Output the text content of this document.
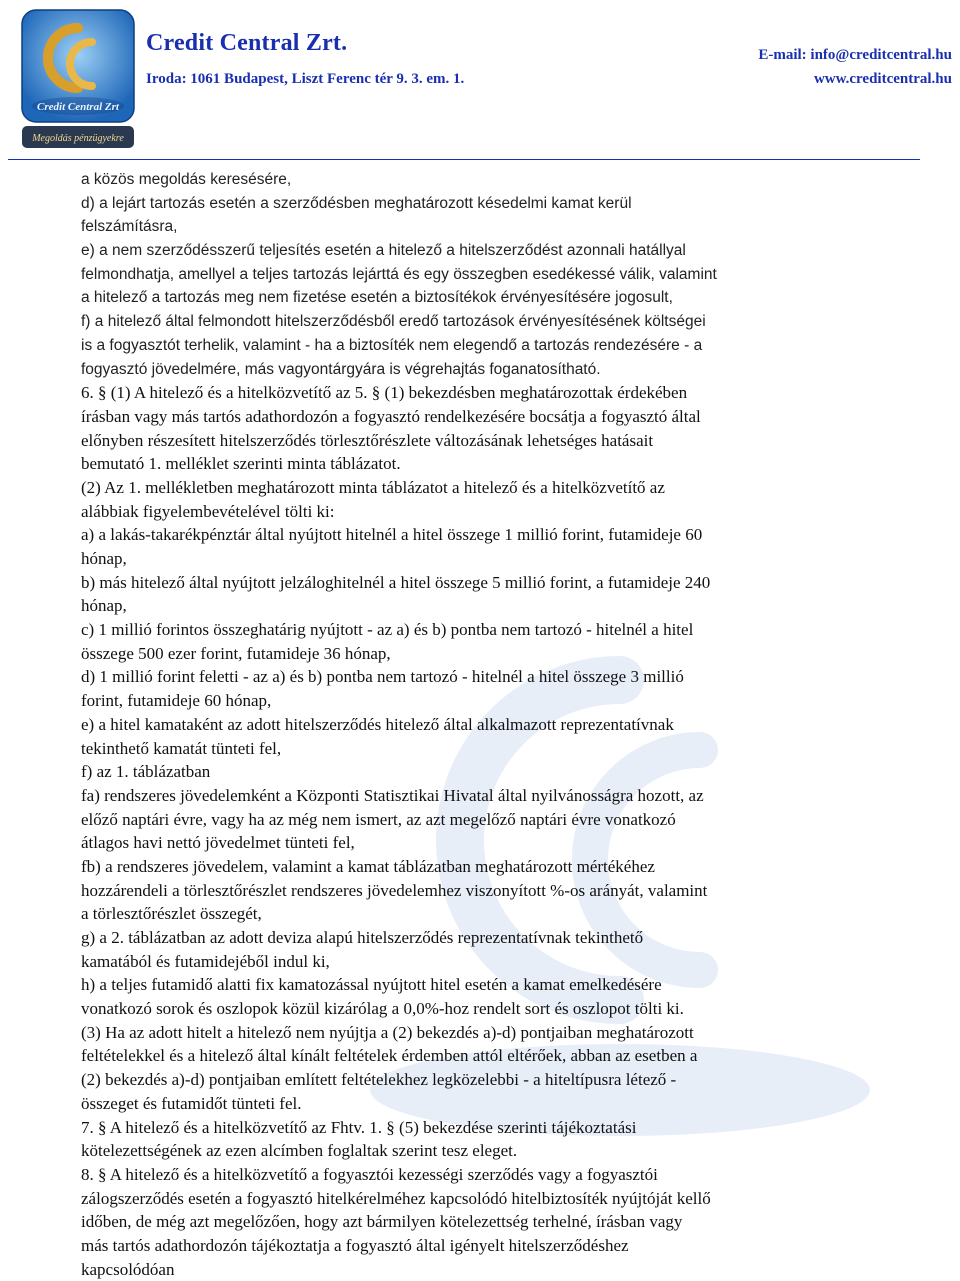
Credit Central Zrt
Megoldás pénzügyekre
Credit Central Zrt.
Iroda: 1061 Budapest, Liszt Ferenc tér 9. 3. em. 1.
E-mail: info@creditcentral.hu
www.creditcentral.hu
a közös megoldás keresésére,
d) a lejárt tartozás esetén a szerződésben meghatározott késedelmi kamat kerül
felszámításra,
e) a nem szerződésszerű teljesítés esetén a hitelező a hitelszerződést azonnali hatállyal
felmondhatja, amellyel a teljes tartozás lejárttá és egy összegben esedékessé válik, valamint
a hitelező a tartozás meg nem fizetése esetén a biztosítékok érvényesítésére jogosult,
f) a hitelező által felmondott hitelszerződésből eredő tartozások érvényesítésének költségei
is a fogyasztót terhelik, valamint - ha a biztosíték nem elegendő a tartozás rendezésére - a
fogyasztó jövedelmére, más vagyontárgyára is végrehajtás foganatosítható.
6. § (1) A hitelező és a hitelközvetítő az 5. § (1) bekezdésben meghatározottak érdekében
írásban vagy más tartós adathordozón a fogyasztó rendelkezésére bocsátja a fogyasztó által
előnyben részesített hitelszerződés törlesztőrészlete változásának lehetséges hatásait
bemutató 1. melléklet szerinti minta táblázatot.
(2) Az 1. mellékletben meghatározott minta táblázatot a hitelező és a hitelközvetítő az
alábbiak figyelembevételével tölti ki:
a) a lakás-takarékpénztár által nyújtott hitelnél a hitel összege 1 millió forint, futamideje 60
hónap,
b) más hitelező által nyújtott jelzáloghitelnél a hitel összege 5 millió forint, a futamideje 240
hónap,
c) 1 millió forintos összeghatárig nyújtott - az a) és b) pontba nem tartozó - hitelnél a hitel
összege 500 ezer forint, futamideje 36 hónap,
d) 1 millió forint feletti - az a) és b) pontba nem tartozó - hitelnél a hitel összege 3 millió
forint, futamideje 60 hónap,
e) a hitel kamataként az adott hitelszerződés hitelező által alkalmazott reprezentatívnak
tekinthető kamatát tünteti fel,
f) az 1. táblázatban
fa) rendszeres jövedelemként a Központi Statisztikai Hivatal által nyilvánosságra hozott, az
előző naptári évre, vagy ha az még nem ismert, az azt megelőző naptári évre vonatkozó
átlagos havi nettó jövedelmet tünteti fel,
fb) a rendszeres jövedelem, valamint a kamat táblázatban meghatározott mértékéhez
hozzárendeli a törlesztőrészlet rendszeres jövedelemhez viszonyított %-os arányát, valamint
a törlesztőrészlet összegét,
g) a 2. táblázatban az adott deviza alapú hitelszerződés reprezentatívnak tekinthető
kamatából és futamidejéből indul ki,
h) a teljes futamidő alatti fix kamatozással nyújtott hitel esetén a kamat emelkedésére
vonatkozó sorok és oszlopok közül kizárólag a 0,0%-hoz rendelt sort és oszlopot tölti ki.
(3) Ha az adott hitelt a hitelező nem nyújtja a (2) bekezdés a)-d) pontjaiban meghatározott
feltételekkel és a hitelező által kínált feltételek érdemben attól eltérőek, abban az esetben a
(2) bekezdés a)-d) pontjaiban említett feltételekhez legközelebbi - a hiteltípusra létező -
összeget és futamidőt tünteti fel.
7. § A hitelező és a hitelközvetítő az Fhtv. 1. § (5) bekezdése szerinti tájékoztatási
kötelezettségének az ezen alcímben foglaltak szerint tesz eleget.
8. § A hitelező és a hitelközvetítő a fogyasztói kezességi szerződés vagy a fogyasztói
zálogszerződés esetén a fogyasztó hitelkérelméhez kapcsolódó hitelbiztosíték nyújtóját kellő
időben, de még azt megelőzően, hogy azt bármilyen kötelezettség terhelné, írásban vagy
más tartós adathordozón tájékoztatja a fogyasztó által igényelt hitelszerződéshez
kapcsolódóan
